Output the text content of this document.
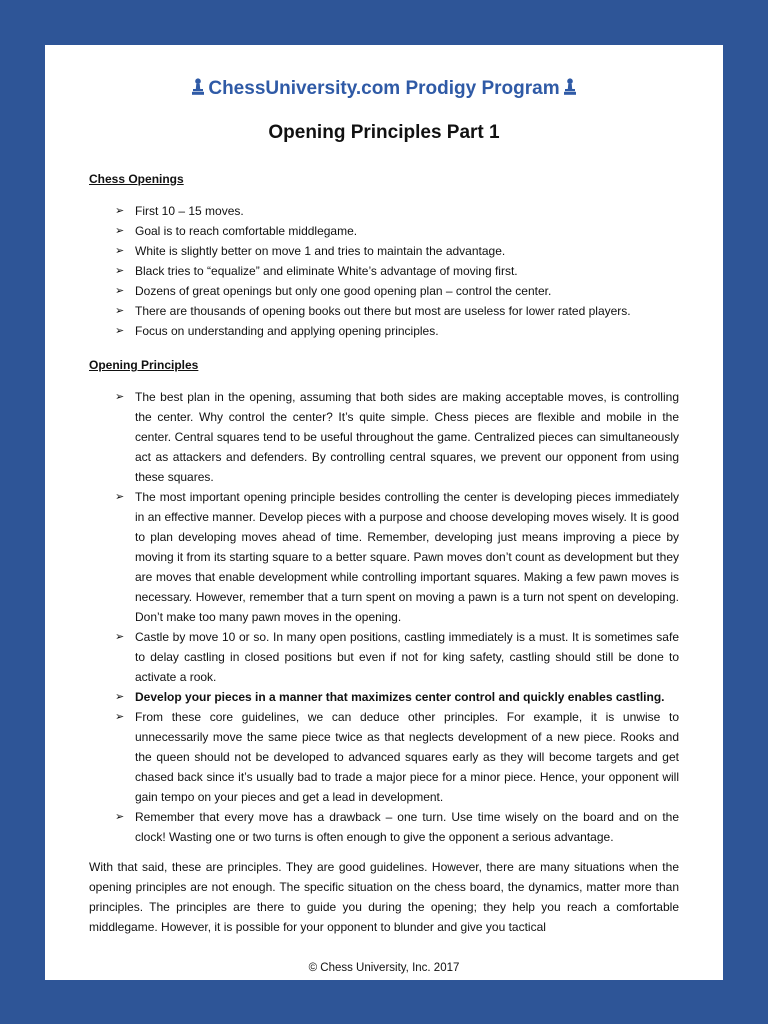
ChessUniversity.com Prodigy Program
Opening Principles Part 1
Chess Openings
➢ First 10 – 15 moves.
➢ Goal is to reach comfortable middlegame.
➢ White is slightly better on move 1 and tries to maintain the advantage.
➢ Black tries to “equalize” and eliminate White’s advantage of moving first.
➢ Dozens of great openings but only one good opening plan – control the center.
➢ There are thousands of opening books out there but most are useless for lower rated players.
➢ Focus on understanding and applying opening principles.
Opening Principles
➢ The best plan in the opening, assuming that both sides are making acceptable moves, is controlling the center. Why control the center? It’s quite simple. Chess pieces are flexible and mobile in the center. Central squares tend to be useful throughout the game. Centralized pieces can simultaneously act as attackers and defenders. By controlling central squares, we prevent our opponent from using these squares.
➢ The most important opening principle besides controlling the center is developing pieces immediately in an effective manner. Develop pieces with a purpose and choose developing moves wisely. It is good to plan developing moves ahead of time. Remember, developing just means improving a piece by moving it from its starting square to a better square. Pawn moves don’t count as development but they are moves that enable development while controlling important squares. Making a few pawn moves is necessary. However, remember that a turn spent on moving a pawn is a turn not spent on developing. Don’t make too many pawn moves in the opening.
➢ Castle by move 10 or so. In many open positions, castling immediately is a must. It is sometimes safe to delay castling in closed positions but even if not for king safety, castling should still be done to activate a rook.
➢ Develop your pieces in a manner that maximizes center control and quickly enables castling.
➢ From these core guidelines, we can deduce other principles. For example, it is unwise to unnecessarily move the same piece twice as that neglects development of a new piece. Rooks and the queen should not be developed to advanced squares early as they will become targets and get chased back since it’s usually bad to trade a major piece for a minor piece. Hence, your opponent will gain tempo on your pieces and get a lead in development.
➢ Remember that every move has a drawback – one turn. Use time wisely on the board and on the clock! Wasting one or two turns is often enough to give the opponent a serious advantage.

With that said, these are principles. They are good guidelines. However, there are many situations when the opening principles are not enough. The specific situation on the chess board, the dynamics, matter more than principles. The principles are there to guide you during the opening; they help you reach a comfortable middlegame. However, it is possible for your opponent to blunder and give you tactical

© Chess University, Inc. 2017
